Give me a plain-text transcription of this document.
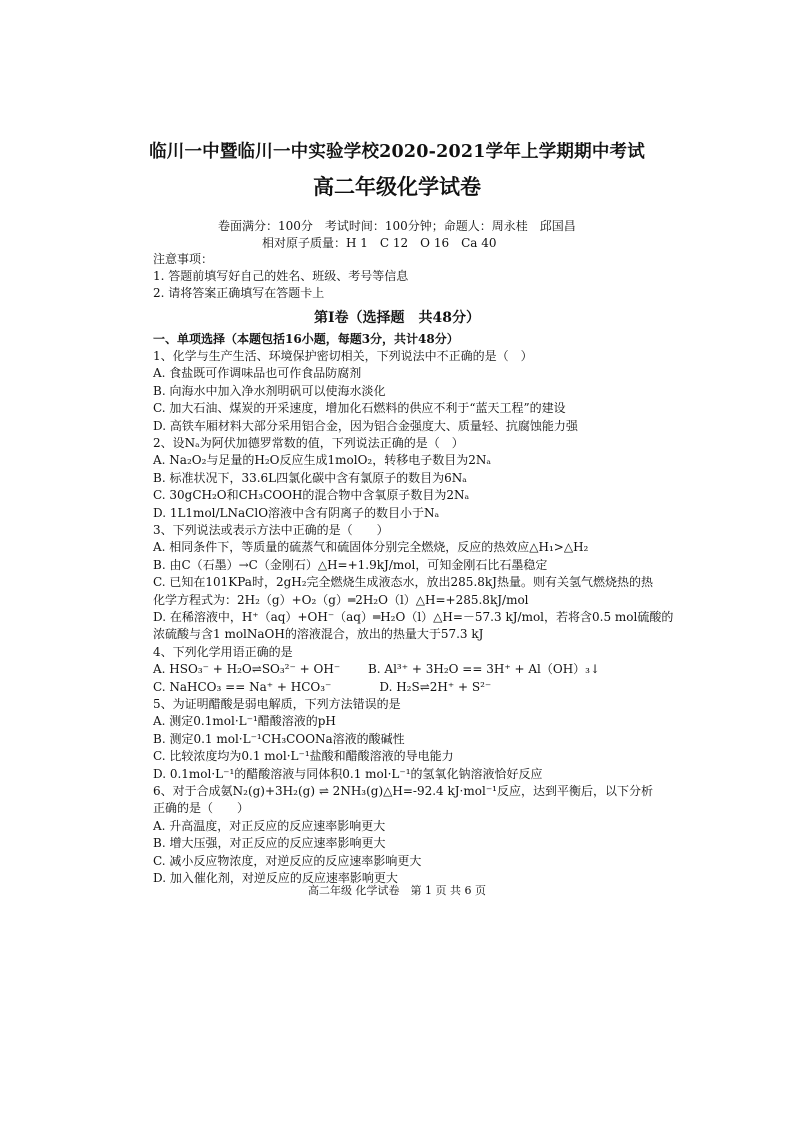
临川一中暨临川一中实验学校2020-2021学年上学期期中考试
高二年级化学试卷
卷面满分：100分　考试时间：100分钟；命题人：周永桂　邱国昌
相对原子质量：H 1　C 12　O 16　Ca 40
注意事项：
1. 答题前填写好自己的姓名、班级、考号等信息
2. 请将答案正确填写在答题卡上
第Ⅰ卷（选择题　共48分）
一、单项选择（本题包括16小题，每题3分，共计48分）
1、化学与生产生活、环境保护密切相关，下列说法中不正确的是（　）
A. 食盐既可作调味品也可作食品防腐剂
B. 向海水中加入净水剂明矾可以使海水淡化
C. 加大石油、煤炭的开采速度，增加化石燃料的供应不利于“蓝天工程”的建设
D. 高铁车厢材料大部分采用铝合金，因为铝合金强度大、质量轻、抗腐蚀能力强
2、设Nₐ为阿伏加德罗常数的值，下列说法正确的是（　）
A. Na₂O₂与足量的H₂O反应生成1molO₂，转移电子数目为2Nₐ
B. 标准状况下，33.6L四氯化碳中含有氯原子的数目为6Nₐ
C. 30gCH₂O和CH₃COOH的混合物中含氧原子数目为2Nₐ
D. 1L1mol/LNaClO溶液中含有阴离子的数目小于Nₐ
3、下列说法或表示方法中正确的是（　　）
A. 相同条件下，等质量的硫蒸气和硫固体分别完全燃烧，反应的热效应△H₁>△H₂
B. 由C（石墨）→C（金刚石）△H=+1.9kJ/mol，可知金刚石比石墨稳定
C. 已知在101KPa时，2gH₂完全燃烧生成液态水，放出285.8kJ热量。则有关氢气燃烧热的热
化学方程式为：2H₂（g）+O₂（g）═2H₂O（l）△H=+285.8kJ/mol
D. 在稀溶液中，H⁺（aq）+OH⁻（aq）═H₂O（l）△H=－57.3 kJ/mol，若将含0.5 mol硫酸的
浓硫酸与含1 molNaOH的溶液混合，放出的热量大于57.3 kJ
4、下列化学用语正确的是
A. HSO₃⁻ + H₂O⇌SO₃²⁻ + OH⁻　　 B. Al³⁺ + 3H₂O == 3H⁺ + Al（OH）₃↓
C. NaHCO₃ == Na⁺ + HCO₃⁻　　　　D. H₂S⇌2H⁺ + S²⁻
5、为证明醋酸是弱电解质，下列方法错误的是
A. 测定0.1mol·L⁻¹醋酸溶液的pH
B. 测定0.1 mol·L⁻¹CH₃COONa溶液的酸碱性
C. 比较浓度均为0.1 mol·L⁻¹盐酸和醋酸溶液的导电能力
D. 0.1mol·L⁻¹的醋酸溶液与同体积0.1 mol·L⁻¹的氢氧化钠溶液恰好反应
6、对于合成氨N₂(g)+3H₂(g) ⇌ 2NH₃(g)△H=-92.4 kJ·mol⁻¹反应，达到平衡后，以下分析
正确的是（　　）
A. 升高温度，对正反应的反应速率影响更大
B. 增大压强，对正反应的反应速率影响更大
C. 减小反应物浓度，对逆反应的反应速率影响更大
D. 加入催化剂，对逆反应的反应速率影响更大
高二年级 化学试卷　第 1 页 共 6 页
